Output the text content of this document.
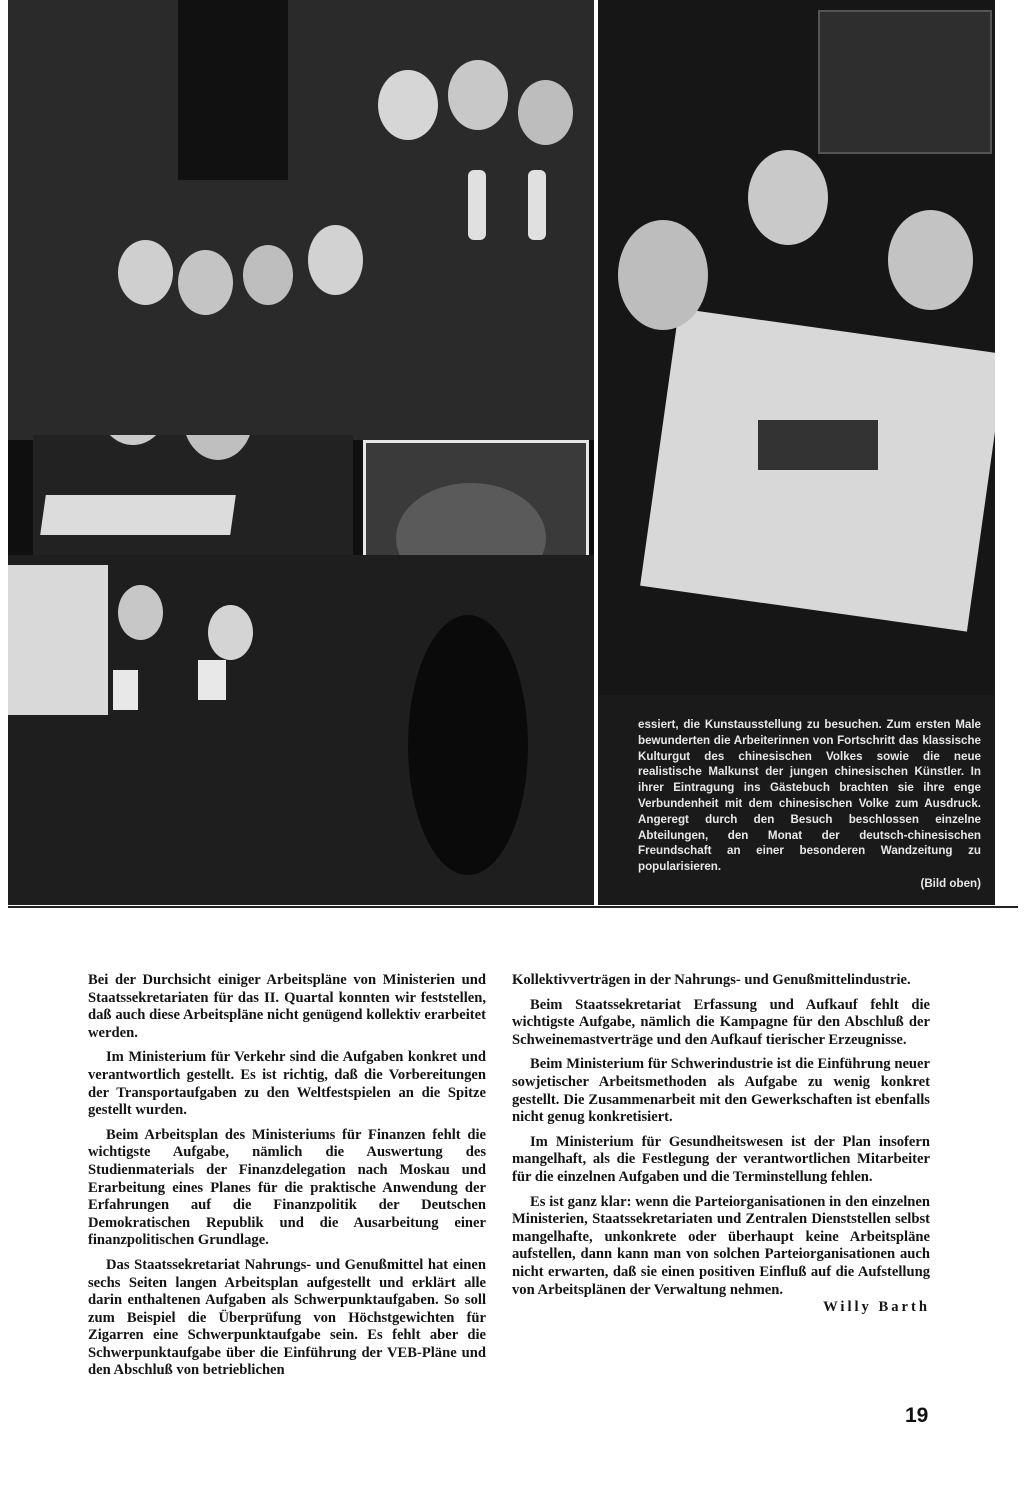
essiert, die Kunstausstellung zu besuchen. Zum ersten Male bewunderten die Arbeiterinnen von Fortschritt das klassische Kulturgut des chinesischen Volkes sowie die neue realistische Malkunst der jungen chinesischen Künstler. In ihrer Eintragung ins Gästebuch brachten sie ihre enge Verbundenheit mit dem chinesischen Volke zum Ausdruck. Angeregt durch den Besuch beschlossen einzelne Abteilungen, den Monat der deutsch-chinesischen Freundschaft an einer besonderen Wandzeitung zu popularisieren.

(Bild oben)

Bei der Durchsicht einiger Arbeitspläne von Ministerien und Staatssekretariaten für das II. Quartal konnten wir feststellen, daß auch diese Arbeitspläne nicht genügend kollektiv erarbeitet werden.

Im Ministerium für Verkehr sind die Aufgaben konkret und verantwortlich gestellt. Es ist richtig, daß die Vorbereitungen der Transportaufgaben zu den Weltfestspielen an die Spitze gestellt wurden.

Beim Arbeitsplan des Ministeriums für Finanzen fehlt die wichtigste Aufgabe, nämlich die Auswertung des Studienmaterials der Finanzdelegation nach Moskau und Erarbeitung eines Planes für die praktische Anwendung der Erfahrungen auf die Finanzpolitik der Deutschen Demokratischen Republik und die Ausarbeitung einer finanzpolitischen Grundlage.

Das Staatssekretariat Nahrungs- und Genußmittel hat einen sechs Seiten langen Arbeitsplan aufgestellt und erklärt alle darin enthaltenen Aufgaben als Schwerpunktaufgaben. So soll zum Beispiel die Überprüfung von Höchstgewichten für Zigarren eine Schwerpunktaufgabe sein. Es fehlt aber die Schwerpunktaufgabe über die Einführung der VEB-Pläne und den Abschluß von betrieblichen

Kollektivverträgen in der Nahrungs- und Genußmittelindustrie.

Beim Staatssekretariat Erfassung und Aufkauf fehlt die wichtigste Aufgabe, nämlich die Kampagne für den Abschluß der Schweinemastverträge und den Aufkauf tierischer Erzeugnisse.

Beim Ministerium für Schwerindustrie ist die Einführung neuer sowjetischer Arbeitsmethoden als Aufgabe zu wenig konkret gestellt. Die Zusammenarbeit mit den Gewerkschaften ist ebenfalls nicht genug konkretisiert.

Im Ministerium für Gesundheitswesen ist der Plan insofern mangelhaft, als die Festlegung der verantwortlichen Mitarbeiter für die einzelnen Aufgaben und die Terminstellung fehlen.

Es ist ganz klar: wenn die Parteiorganisationen in den einzelnen Ministerien, Staatssekretariaten und Zentralen Dienststellen selbst mangelhafte, unkonkrete oder überhaupt keine Arbeitspläne aufstellen, dann kann man von solchen Parteiorganisationen auch nicht erwarten, daß sie einen positiven Einfluß auf die Aufstellung von Arbeitsplänen der Verwaltung nehmen.

Willy Barth
19
